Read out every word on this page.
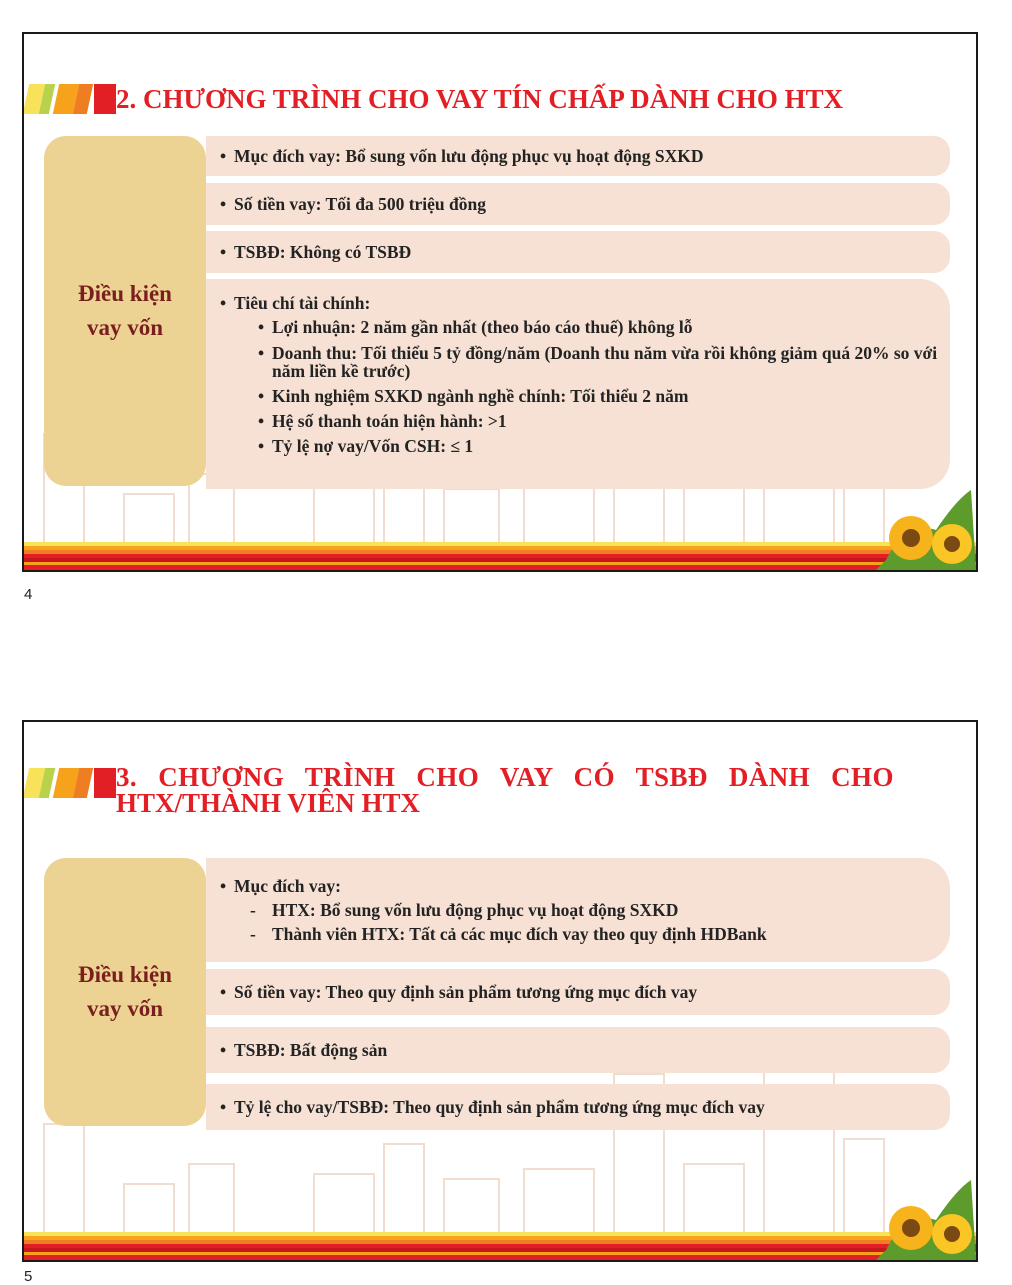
2. CHƯƠNG TRÌNH CHO VAY TÍN CHẤP DÀNH CHO HTX
Điều kiện
vay vốn
• Mục đích vay: Bổ sung vốn lưu động phục vụ hoạt động SXKD
• Số tiền vay: Tối đa 500 triệu đồng
• TSBĐ: Không có TSBĐ
• Tiêu chí tài chính:
• Lợi nhuận: 2 năm gần nhất (theo báo cáo thuế) không lỗ
• Doanh thu: Tối thiểu 5 tỷ đồng/năm (Doanh thu năm vừa rồi không giảm quá 20% so với năm liền kề trước)
• Kinh nghiệm SXKD ngành nghề chính: Tối thiểu 2 năm
• Hệ số thanh toán hiện hành: >1
• Tỷ lệ nợ vay/Vốn CSH: ≤ 1
4
3. CHƯƠNG TRÌNH CHO VAY CÓ TSBĐ DÀNH CHO
HTX/THÀNH VIÊN HTX
Điều kiện
vay vốn
• Mục đích vay:
- HTX: Bổ sung vốn lưu động phục vụ hoạt động SXKD
- Thành viên HTX: Tất cả các mục đích vay theo quy định HDBank
• Số tiền vay: Theo quy định sản phẩm tương ứng mục đích vay
• TSBĐ: Bất động sản
• Tỷ lệ cho vay/TSBĐ: Theo quy định sản phẩm tương ứng mục đích vay
5
